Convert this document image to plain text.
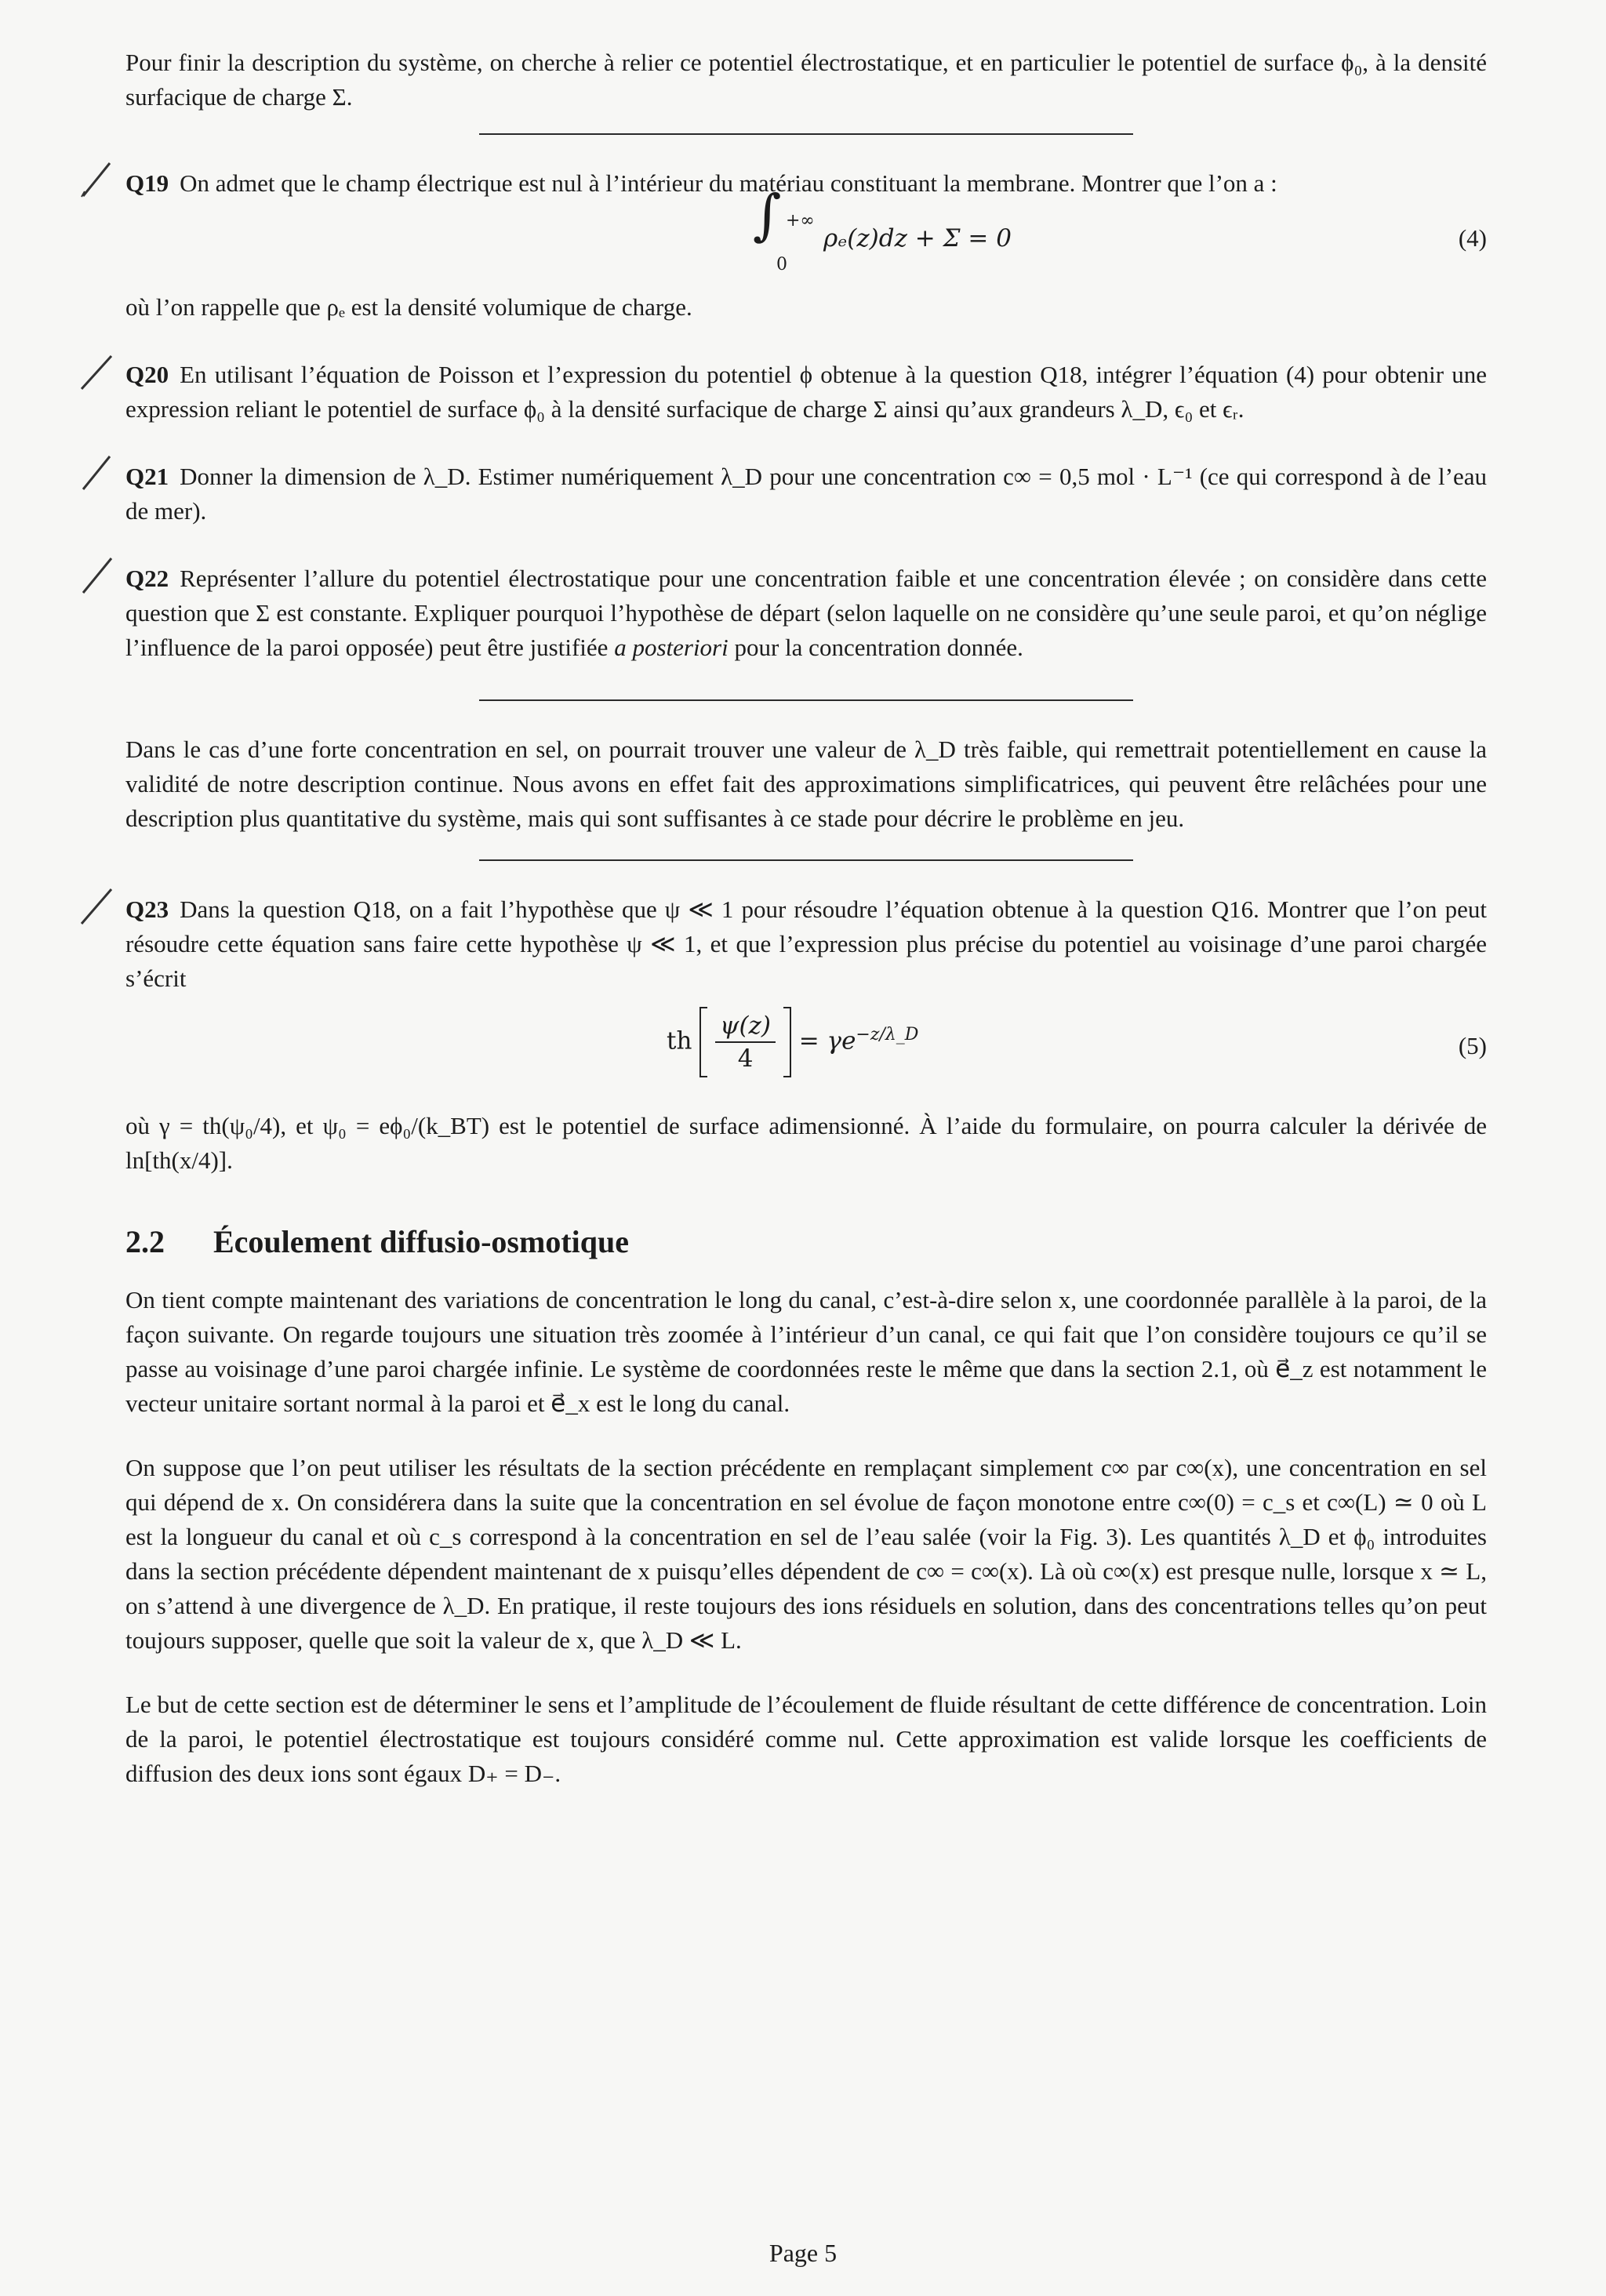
Pour finir la description du système, on cherche à relier ce potentiel électrostatique, et en particulier le potentiel de surface ϕ₀, à la densité surfacique de charge Σ.

Q19 On admet que le champ électrique est nul à l’intérieur du matériau constituant la membrane. Montrer que l’on a :
∫ +∞
0
ρₑ(z)dz + Σ = 0	(4)

où l’on rappelle que ρₑ est la densité volumique de charge.

Q20 En utilisant l’équation de Poisson et l’expression du potentiel ϕ obtenue à la question Q18, intégrer l’équation (4) pour obtenir une expression reliant le potentiel de surface ϕ₀ à la densité surfacique de charge Σ ainsi qu’aux grandeurs λ_D, ϵ₀ et ϵᵣ.
Q21 Donner la dimension de λ_D. Estimer numériquement λ_D pour une concentration c∞ = 0,5 mol · L⁻¹ (ce qui correspond à de l’eau de mer).
Q22 Représenter l’allure du potentiel électrostatique pour une concentration faible et une concentration élevée ; on considère dans cette question que Σ est constante. Expliquer pourquoi l’hypothèse de départ (selon laquelle on ne considère qu’une seule paroi, et qu’on néglige l’influence de la paroi opposée) peut être justifiée a posteriori pour la concentration donnée.

Dans le cas d’une forte concentration en sel, on pourrait trouver une valeur de λ_D très faible, qui remettrait potentiellement en cause la validité de notre description continue. Nous avons en effet fait des approximations simplificatrices, qui peuvent être relâchées pour une description plus quantitative du système, mais qui sont suffisantes à ce stade pour décrire le problème en jeu.

Q23 Dans la question Q18, on a fait l’hypothèse que ψ ≪ 1 pour résoudre l’équation obtenue à la question Q16. Montrer que l’on peut résoudre cette équation sans faire cette hypothèse ψ ≪ 1, et que l’expression plus précise du potentiel au voisinage d’une paroi chargée s’écrit
th $\frac{\psi(z)}{4} = \gamma e^{-z/\lambda\_D}$	(5)

où γ = th(ψ₀/4), et ψ₀ = eϕ₀/(k_BT) est le potentiel de surface adimensionné. À l’aide du formulaire, on pourra calculer la dérivée de ln[th(x/4)].

2.2 Écoulement diffusio-osmotique

On tient compte maintenant des variations de concentration le long du canal, c’est-à-dire selon x, une coordonnée parallèle à la paroi, de la façon suivante. On regarde toujours une situation très zoomée à l’intérieur d’un canal, ce qui fait que l’on considère toujours ce qu’il se passe au voisinage d’une paroi chargée infinie. Le système de coordonnées reste le même que dans la section 2.1, où e⃗_z est notamment le vecteur unitaire sortant normal à la paroi et e⃗_x est le long du canal.

On suppose que l’on peut utiliser les résultats de la section précédente en remplaçant simplement c∞ par c∞(x), une concentration en sel qui dépend de x. On considérera dans la suite que la concentration en sel évolue de façon monotone entre c∞(0) = c_s et c∞(L) ≃ 0 où L est la longueur du canal et où c_s correspond à la concentration en sel de l’eau salée (voir la Fig. 3). Les quantités λ_D et ϕ₀ introduites dans la section précédente dépendent maintenant de x puisqu’elles dépendent de c∞ = c∞(x). Là où c∞(x) est presque nulle, lorsque x ≃ L, on s’attend à une divergence de λ_D. En pratique, il reste toujours des ions résiduels en solution, dans des concentrations telles qu’on peut toujours supposer, quelle que soit la valeur de x, que λ_D ≪ L.

Le but de cette section est de déterminer le sens et l’amplitude de l’écoulement de fluide résultant de cette différence de concentration. Loin de la paroi, le potentiel électrostatique est toujours considéré comme nul. Cette approximation est valide lorsque les coefficients de diffusion des deux ions sont égaux D₊ = D₋.

Page 5
